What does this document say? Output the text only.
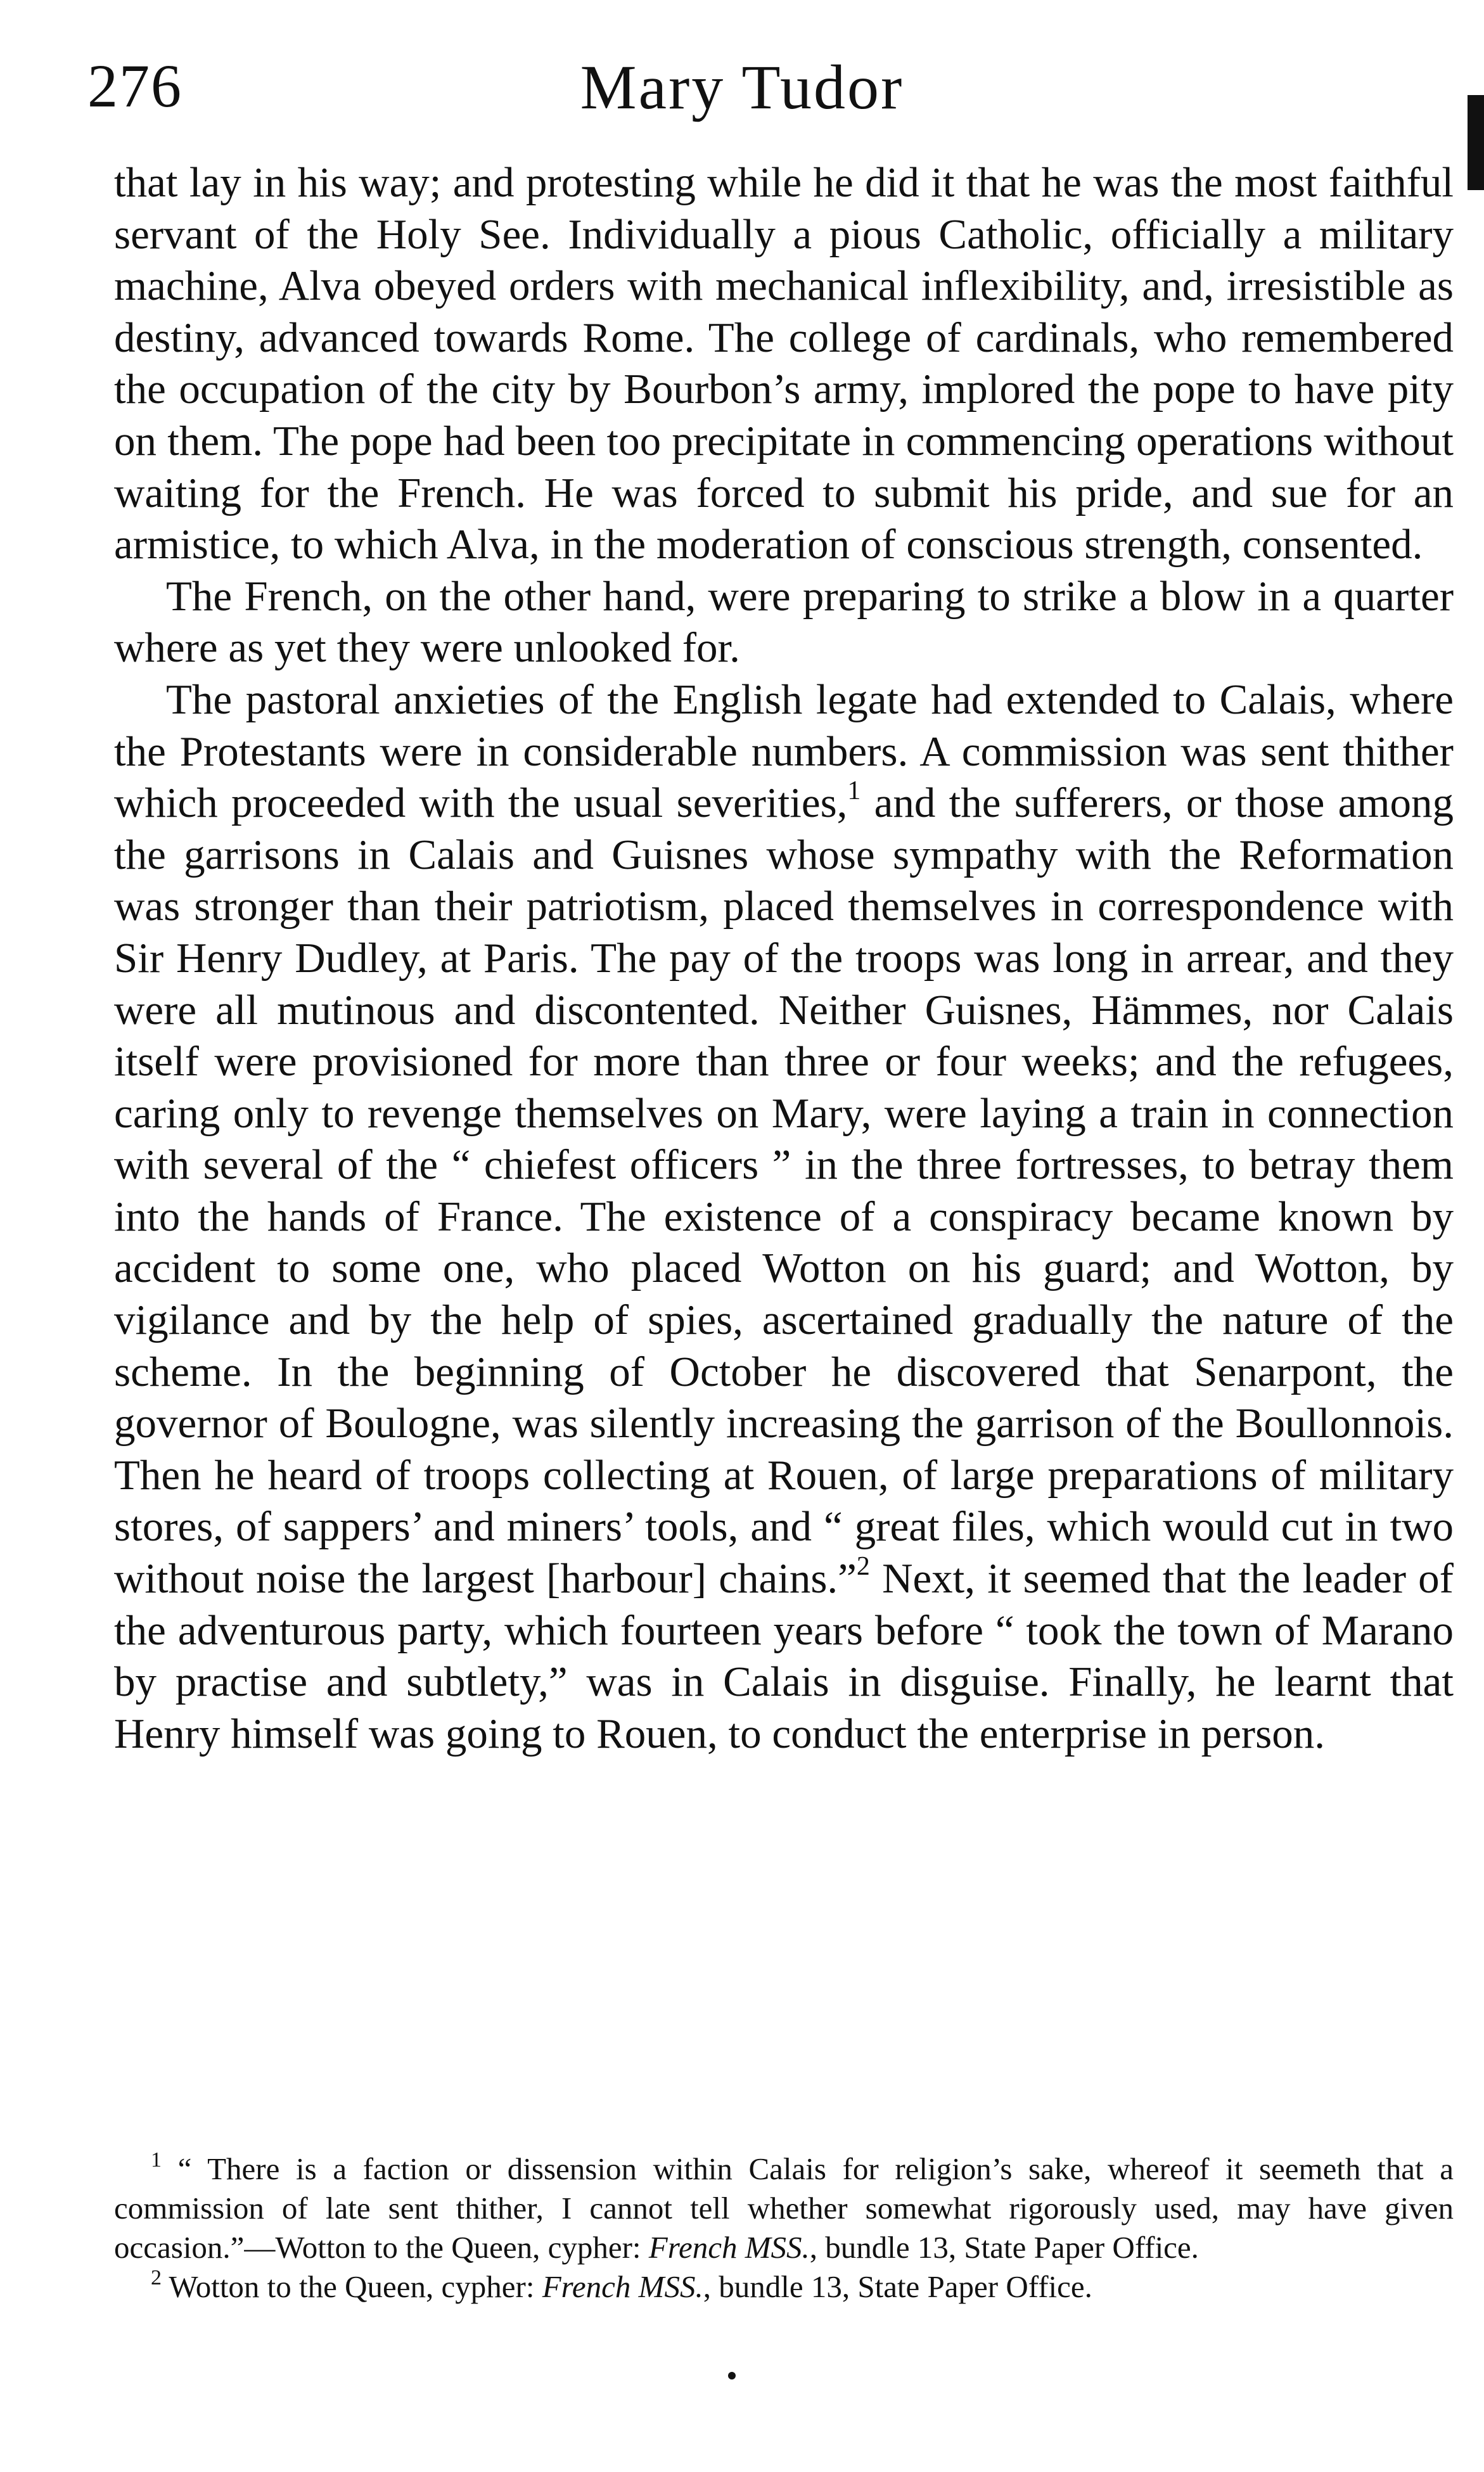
276	Mary Tudor

that lay in his way; and protesting while he did it that he was the most faithful servant of the Holy See. Individually a pious Catholic, officially a military machine, Alva obeyed orders with mechanical inflexibility, and, irresistible as destiny, advanced towards Rome. The college of cardinals, who remembered the occupation of the city by Bourbon’s army, implored the pope to have pity on them. The pope had been too precipitate in commencing operations without waiting for the French. He was forced to submit his pride, and sue for an armistice, to which Alva, in the moderation of conscious strength, consented.

The French, on the other hand, were preparing to strike a blow in a quarter where as yet they were unlooked for.

The pastoral anxieties of the English legate had extended to Calais, where the Protestants were in considerable numbers. A commission was sent thither which proceeded with the usual severities,$^1$ and the sufferers, or those among the garrisons in Calais and Guisnes whose sympathy with the Reformation was stronger than their patriotism, placed themselves in correspondence with Sir Henry Dudley, at Paris. The pay of the troops was long in arrear, and they were all mutinous and discontented. Neither Guisnes, Hämmes, nor Calais itself were provisioned for more than three or four weeks; and the refugees, caring only to revenge themselves on Mary, were laying a train in connection with several of the “ chiefest officers ” in the three fortresses, to betray them into the hands of France. The existence of a conspiracy became known by accident to some one, who placed Wotton on his guard; and Wotton, by vigilance and by the help of spies, ascertained gradually the nature of the scheme. In the beginning of October he discovered that Senarpont, the governor of Boulogne, was silently increasing the garrison of the Boullonnois. Then he heard of troops collecting at Rouen, of large preparations of military stores, of sappers’ and miners’ tools, and “ great files, which would cut in two without noise the largest [harbour] chains.”$^2$ Next, it seemed that the leader of the adventurous party, which fourteen years before “ took the town of Marano by practise and subtlety,” was in Calais in disguise. Finally, he learnt that Henry himself was going to Rouen, to conduct the enterprise in person.

$^1$ “ There is a faction or dissension within Calais for religion’s sake, whereof it seemeth that a commission of late sent thither, I cannot tell whether somewhat rigorously used, may have given occasion.”—Wotton to the Queen, cypher: French MSS., bundle 13, State Paper Office.

$^2$ Wotton to the Queen, cypher: French MSS., bundle 13, State Paper Office.
